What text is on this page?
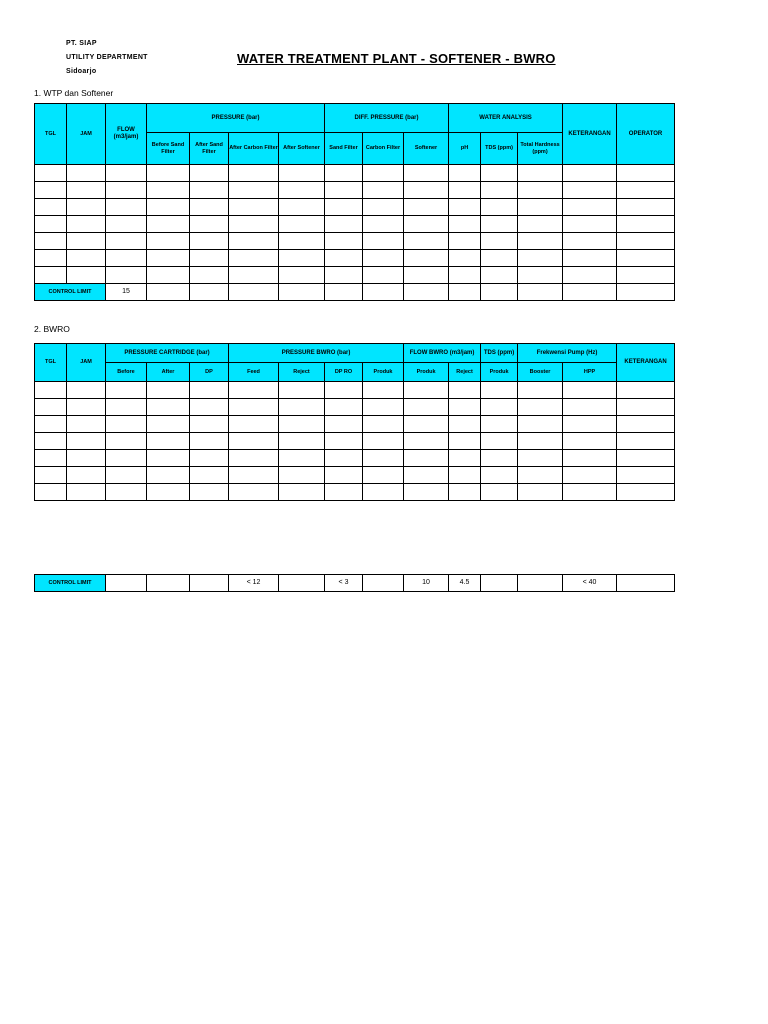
PT. SIAP
UTILITY DEPARTMENT
Sidoarjo
WATER TREATMENT PLANT - SOFTENER - BWRO
1. WTP dan Softener
TGL	JAM	FLOW (m3/jam)	PRESSURE (bar)				DIFF. PRESSURE (bar)			WATER ANALYSIS			KETERANGAN	OPERATOR
			Before Sand Filter	After Sand Filter	After Carbon Filter	After Softener	Sand Filter	Carbon Filter	Softener	pH	TDS (ppm)	Total Hardness (ppm)		

CONTROL LIMIT		15												
2. BWRO
TGL	JAM	PRESSURE CARTRIDGE (bar)			PRESSURE BWRO (bar)				FLOW BWRO (m3/jam)		TDS (ppm)	Frekwensi Pump (Hz)		KETERANGAN
		Before	After	DP	Feed	Reject	DP RO	Produk	Produk	Reject	Produk	Booster	HPP	

CONTROL LIMIT				< 12		< 3		10	4.5			< 40	
